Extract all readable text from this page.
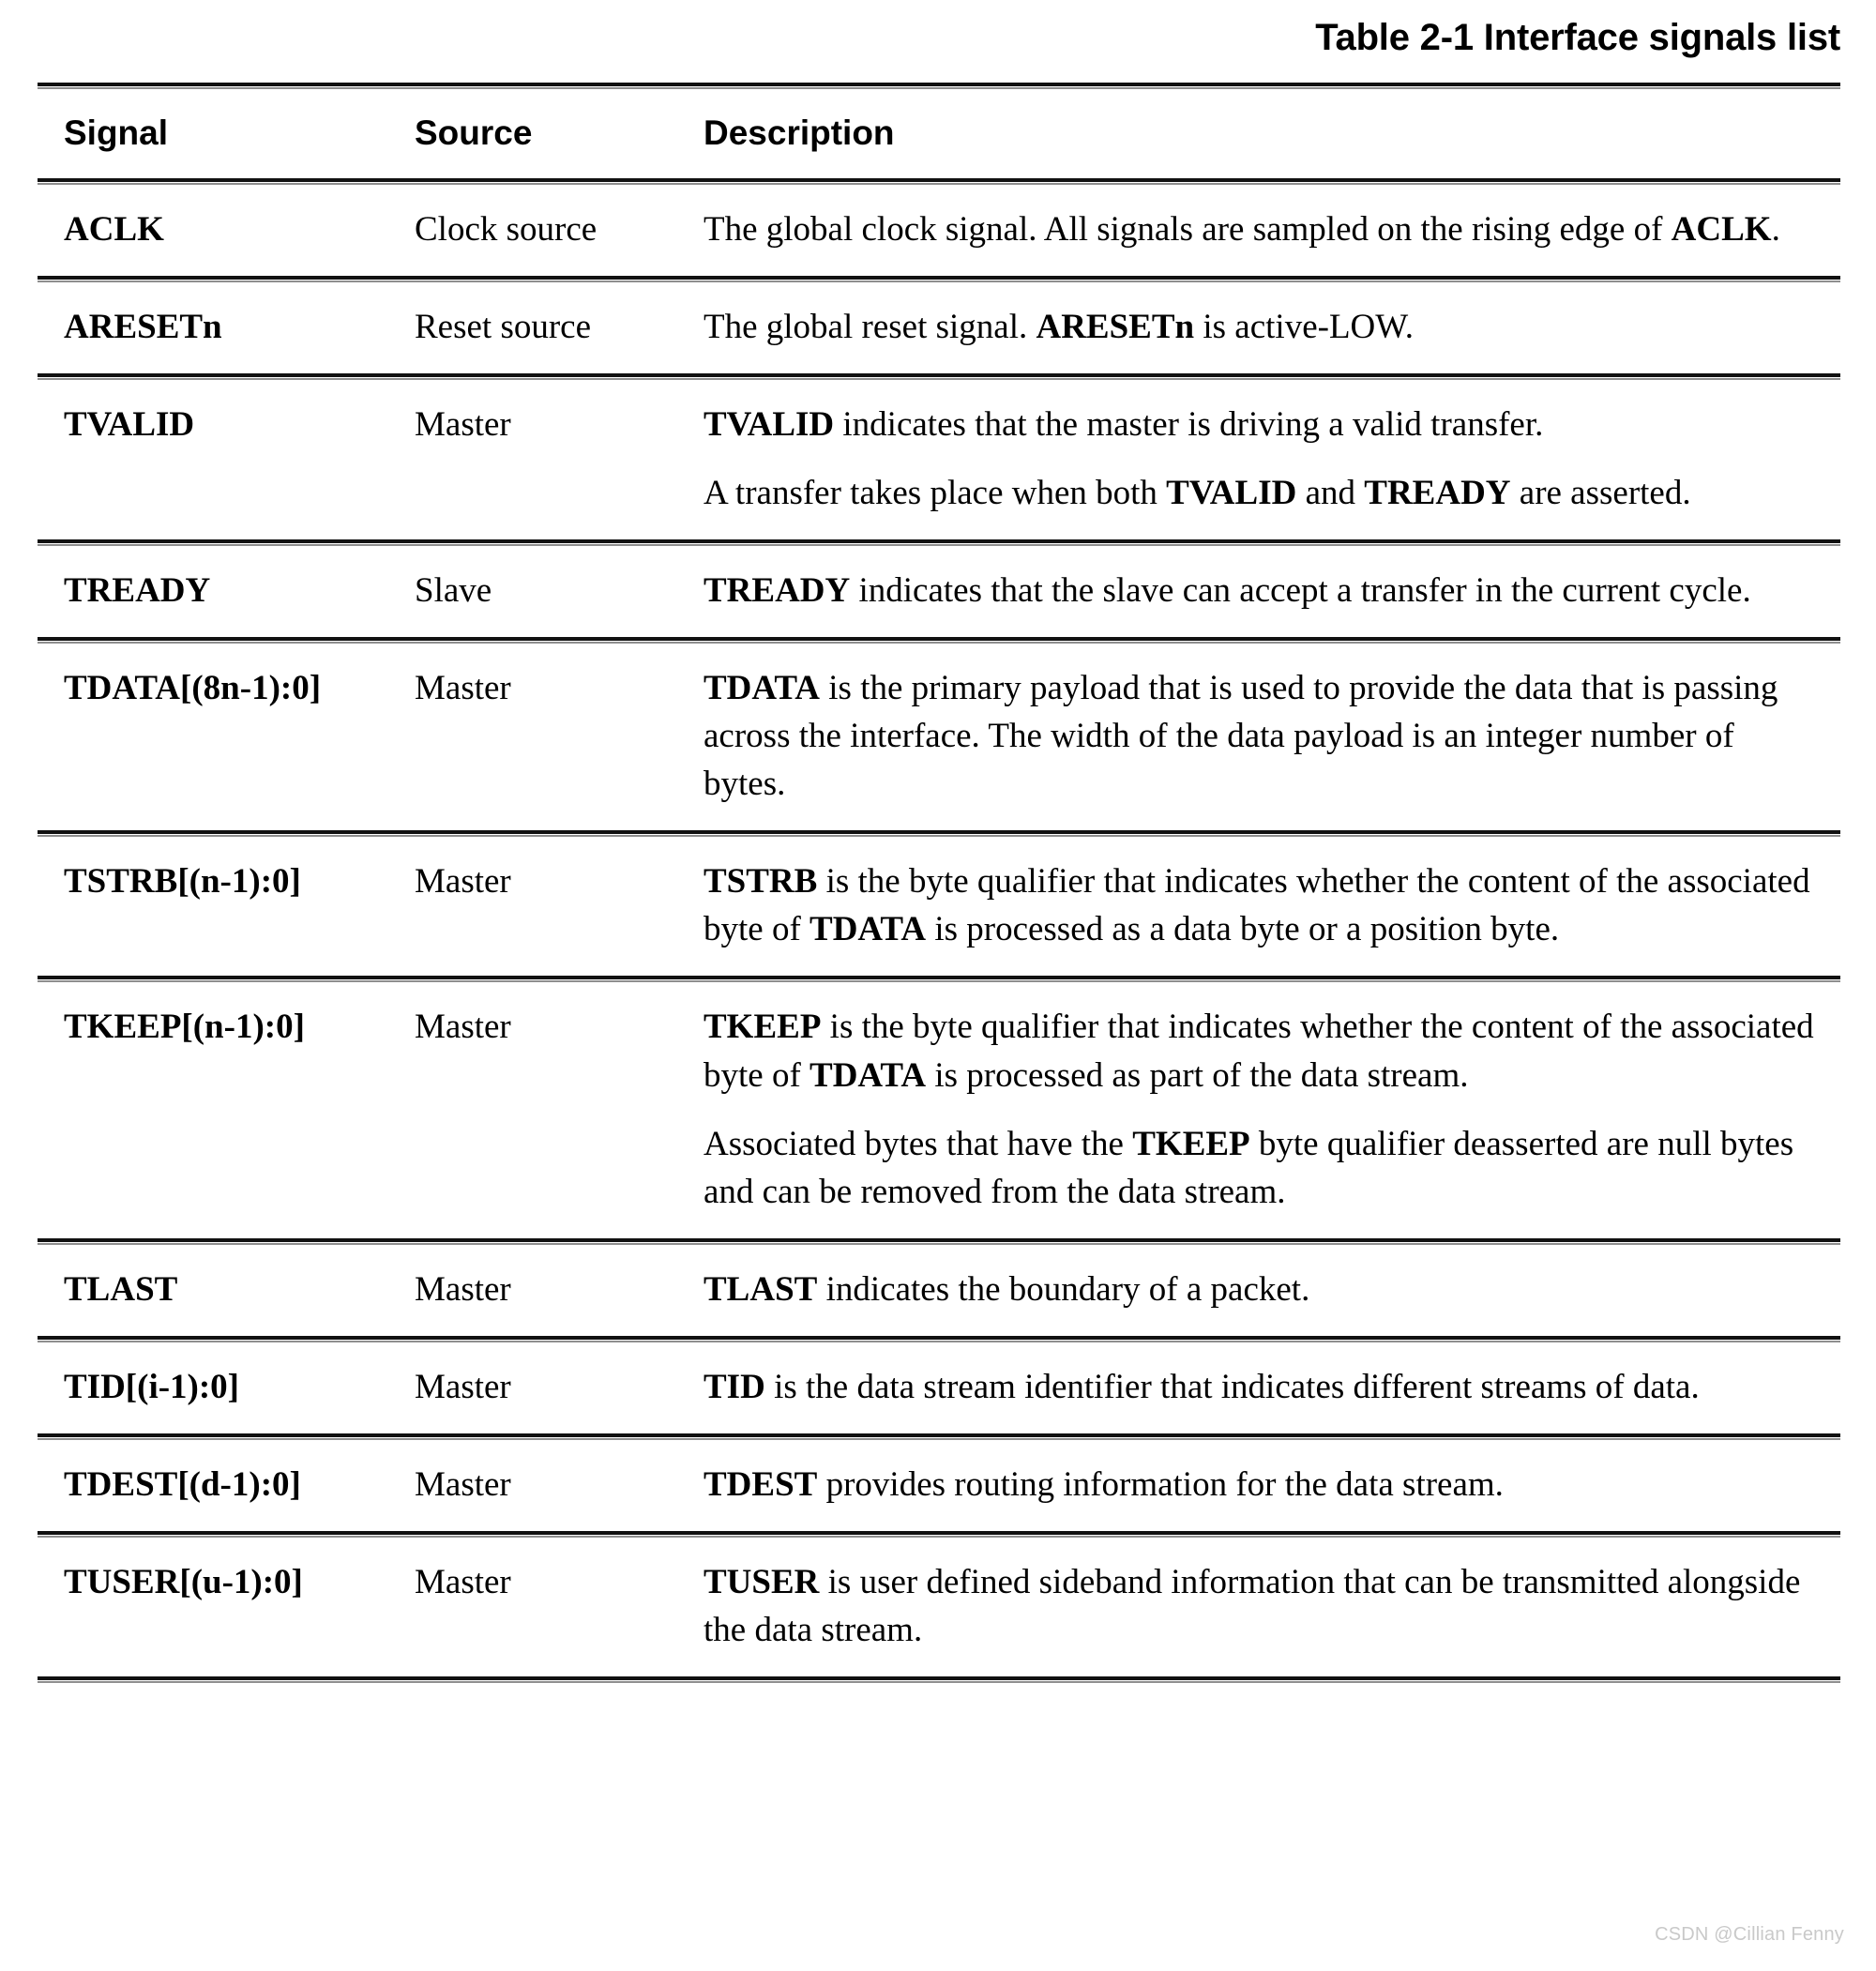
Table 2-1 Interface signals list

Signal	Source	Description

ACLK	Clock source	The global clock signal. All signals are sampled on the rising edge of ACLK.

ARESETn	Reset source	The global reset signal. ARESETn is active-LOW.

TVALID	Master	TVALID indicates that the master is driving a valid transfer.

A transfer takes place when both TVALID and TREADY are asserted.

TREADY	Slave	TREADY indicates that the slave can accept a transfer in the current cycle.

TDATA[(8n-1):0]	Master	TDATA is the primary payload that is used to provide the data that is passing across the interface. The width of the data payload is an integer number of bytes.

TSTRB[(n-1):0]	Master	TSTRB is the byte qualifier that indicates whether the content of the associated byte of TDATA is processed as a data byte or a position byte.

TKEEP[(n-1):0]	Master	TKEEP is the byte qualifier that indicates whether the content of the associated byte of TDATA is processed as part of the data stream.

Associated bytes that have the TKEEP byte qualifier deasserted are null bytes and can be removed from the data stream.

TLAST	Master	TLAST indicates the boundary of a packet.

TID[(i-1):0]	Master	TID is the data stream identifier that indicates different streams of data.

TDEST[(d-1):0]	Master	TDEST provides routing information for the data stream.

TUSER[(u-1):0]	Master	TUSER is user defined sideband information that can be transmitted alongside the data stream.

CSDN @Cillian Fenny
